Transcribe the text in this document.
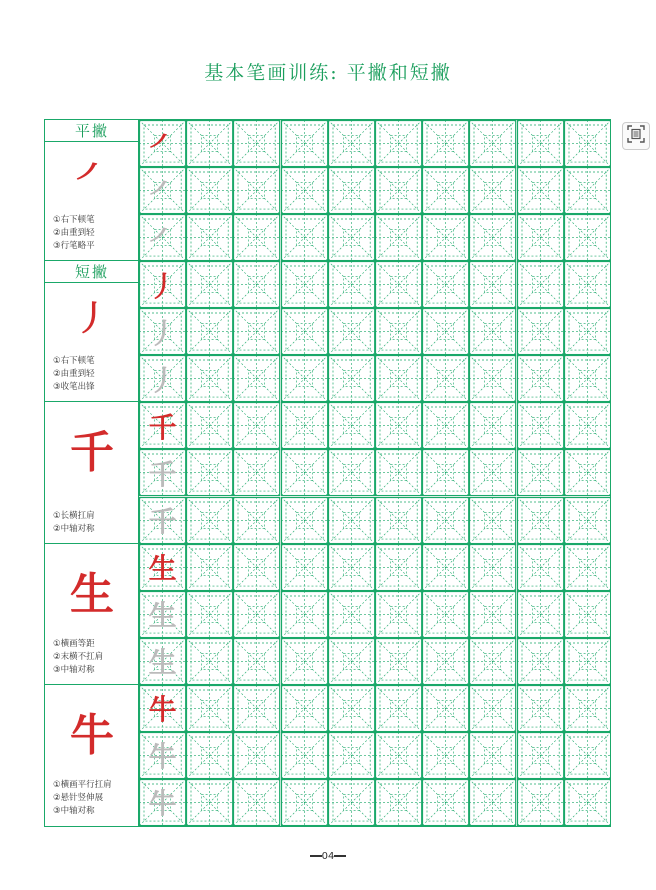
基本笔画训练: 平撇和短撇
平撇
㇒
①右下顿笔
②由重到轻
③行笔略平
短撇
丿
①右下顿笔
②由重到轻
③收笔出锋
千
①长横扛肩
②中轴对称
生
①横画等距
②末横不扛肩
③中轴对称
牛
①横画平行扛肩
②悬针竖伸展
③中轴对称
㇒
㇒
㇒
丿
丿
丿
千
千
千
生
生
生
牛
牛
牛
04
